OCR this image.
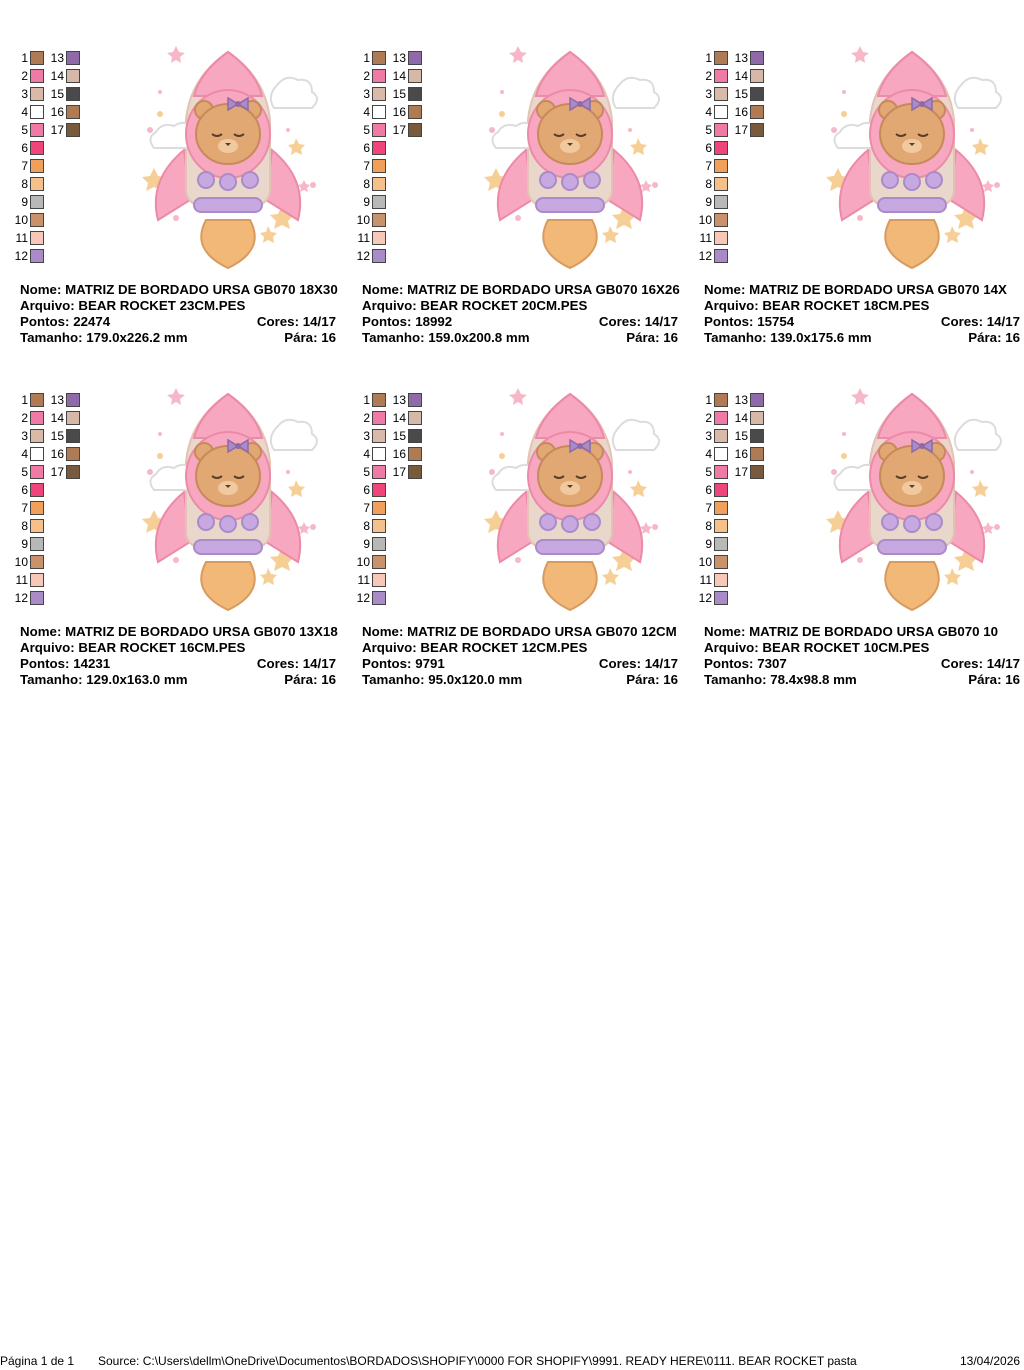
1
2
3
4
5
6
7
8
9
10
11
12
13
14
15
16
17
Nome: MATRIZ DE BORDADO URSA GB070 18X30
Arquivo: BEAR ROCKET 23CM.PES
Pontos: 22474	Cores: 14/17
Tamanho: 179.0x226.2 mm	Pára: 16
1
2
3
4
5
6
7
8
9
10
11
12
13
14
15
16
17
Nome: MATRIZ DE BORDADO URSA GB070 16X26
Arquivo: BEAR ROCKET 20CM.PES
Pontos: 18992	Cores: 14/17
Tamanho: 159.0x200.8 mm	Pára: 16
1
2
3
4
5
6
7
8
9
10
11
12
13
14
15
16
17
Nome: MATRIZ DE BORDADO URSA GB070 14X
Arquivo: BEAR ROCKET 18CM.PES
Pontos: 15754	Cores: 14/17
Tamanho: 139.0x175.6 mm	Pára: 16
1
2
3
4
5
6
7
8
9
10
11
12
13
14
15
16
17
Nome: MATRIZ DE BORDADO URSA GB070 13X18
Arquivo: BEAR ROCKET 16CM.PES
Pontos: 14231	Cores: 14/17
Tamanho: 129.0x163.0 mm	Pára: 16
1
2
3
4
5
6
7
8
9
10
11
12
13
14
15
16
17
Nome: MATRIZ DE BORDADO URSA GB070 12CM
Arquivo: BEAR ROCKET 12CM.PES
Pontos: 9791	Cores: 14/17
Tamanho: 95.0x120.0 mm	Pára: 16
1
2
3
4
5
6
7
8
9
10
11
12
13
14
15
16
17
Nome: MATRIZ DE BORDADO URSA GB070 10
Arquivo: BEAR ROCKET 10CM.PES
Pontos: 7307	Cores: 14/17
Tamanho: 78.4x98.8 mm	Pára: 16
Página 1 de 1 Source: C:\Users\dellm\OneDrive\Documentos\BORDADOS\SHOPIFY\0000 FOR SHOPIFY\9991. READY HERE\0111. BEAR ROCKET pasta	13/04/2026
